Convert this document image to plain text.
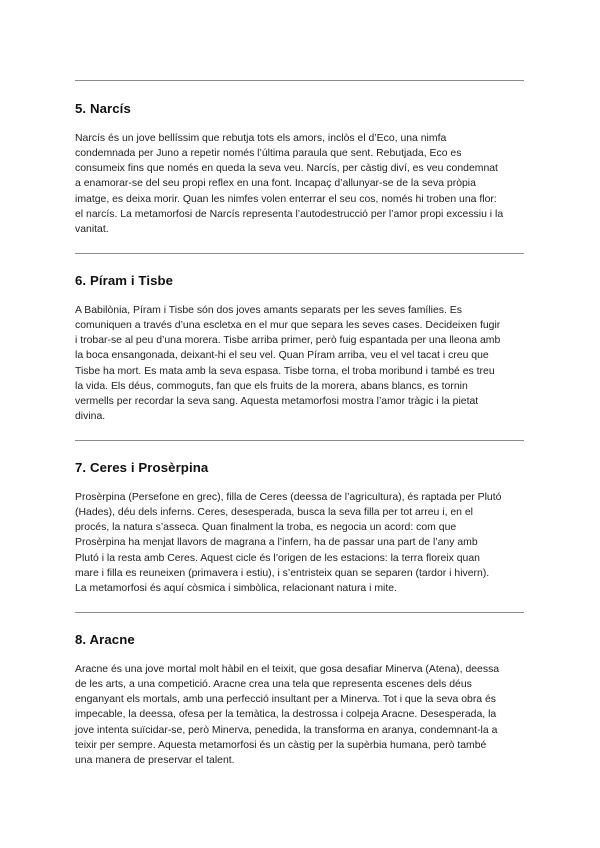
5. Narcís

Narcís és un jove bellíssim que rebutja tots els amors, inclòs el d’Eco, una nimfa
condemnada per Juno a repetir només l’última paraula que sent. Rebutjada, Eco es
consumeix fins que només en queda la seva veu. Narcís, per càstig diví, es veu condemnat
a enamorar-se del seu propi reflex en una font. Incapaç d’allunyar-se de la seva pròpia
imatge, es deixa morir. Quan les nimfes volen enterrar el seu cos, només hi troben una flor:
el narcís. La metamorfosi de Narcís representa l’autodestrucció per l’amor propi excessiu i la
vanitat.

6. Píram i Tisbe

A Babilònia, Píram i Tisbe són dos joves amants separats per les seves famílies. Es
comuniquen a través d’una escletxa en el mur que separa les seves cases. Decideixen fugir
i trobar-se al peu d’una morera. Tisbe arriba primer, però fuig espantada per una lleona amb
la boca ensangonada, deixant-hi el seu vel. Quan Píram arriba, veu el vel tacat i creu que
Tisbe ha mort. Es mata amb la seva espasa. Tisbe torna, el troba moribund i també es treu
la vida. Els déus, commoguts, fan que els fruits de la morera, abans blancs, es tornin
vermells per recordar la seva sang. Aquesta metamorfosi mostra l’amor tràgic i la pietat
divina.

7. Ceres i Prosèrpina

Prosèrpina (Persefone en grec), filla de Ceres (deessa de l’agricultura), és raptada per Plutó
(Hades), déu dels inferns. Ceres, desesperada, busca la seva filla per tot arreu i, en el
procés, la natura s’asseca. Quan finalment la troba, es negocia un acord: com que
Prosèrpina ha menjat llavors de magrana a l’infern, ha de passar una part de l’any amb
Plutó i la resta amb Ceres. Aquest cicle és l’origen de les estacions: la terra floreix quan
mare i filla es reuneixen (primavera i estiu), i s’entristeix quan se separen (tardor i hivern).
La metamorfosi és aquí còsmica i simbòlica, relacionant natura i mite.

8. Aracne

Aracne és una jove mortal molt hàbil en el teixit, que gosa desafiar Minerva (Atena), deessa
de les arts, a una competició. Aracne crea una tela que representa escenes dels déus
enganyant els mortals, amb una perfecció insultant per a Minerva. Tot i que la seva obra és
impecable, la deessa, ofesa per la temàtica, la destrossa i colpeja Aracne. Desesperada, la
jove intenta suïcidar-se, però Minerva, penedida, la transforma en aranya, condemnant-la a
teixir per sempre. Aquesta metamorfosi és un càstig per la supèrbia humana, però també
una manera de preservar el talent.
